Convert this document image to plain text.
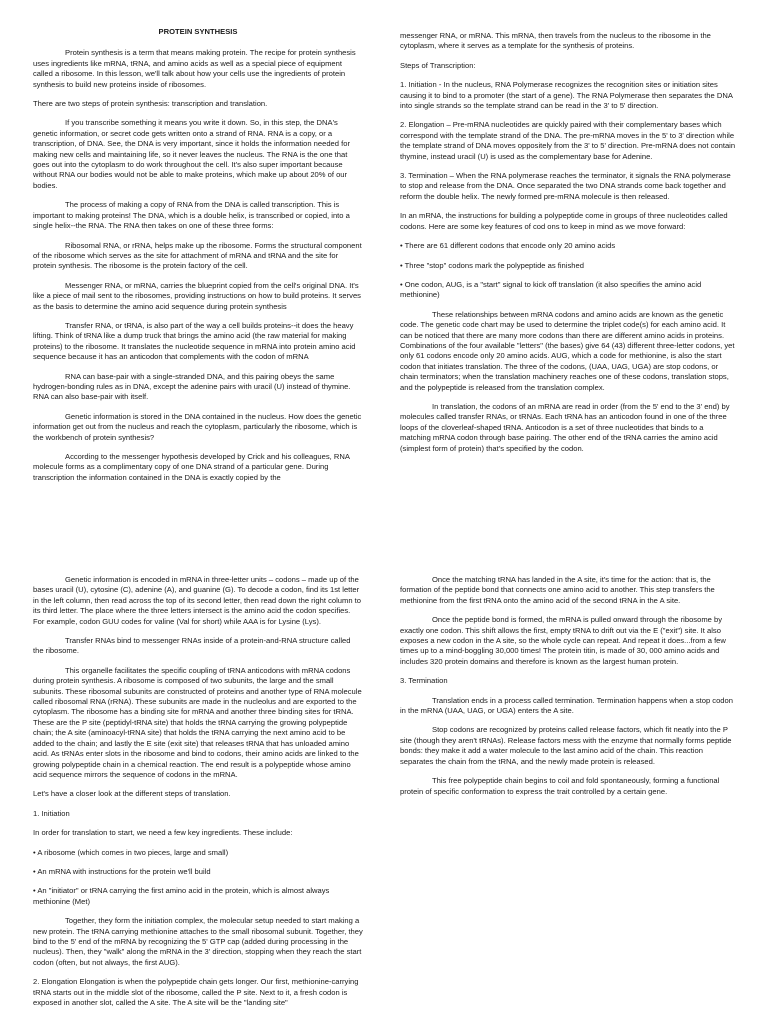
PROTEIN SYNTHESIS

Protein synthesis is a term that means making protein. The recipe for protein synthesis uses ingredients like mRNA, tRNA, and amino acids as well as a special piece of equipment called a ribosome. In this lesson, we'll talk about how your cells use the ingredients of protein synthesis to build new proteins inside of ribosomes.

There are two steps of protein synthesis: transcription and translation.

If you transcribe something it means you write it down. So, in this step, the DNA's genetic information, or secret code gets written onto a strand of RNA. RNA is a copy, or a transcription, of DNA. See, the DNA is very important, since it holds the information needed for making new cells and maintaining life, so it never leaves the nucleus. The RNA is the one that goes out into the cytoplasm to do work throughout the cell. It's also super important because without RNA our bodies would not be able to make proteins, which make up about 20% of our bodies.

The process of making a copy of RNA from the DNA is called transcription. This is important to making proteins! The DNA, which is a double helix, is transcribed or copied, into a single helix--the RNA. The RNA then takes on one of these three forms:

Ribosomal RNA, or rRNA, helps make up the ribosome. Forms the structural component of the ribosome which serves as the site for attachment of mRNA and tRNA and the site for protein synthesis. The ribosome is the protein factory of the cell.

Messenger RNA, or mRNA, carries the blueprint copied from the cell's original DNA. It's like a piece of mail sent to the ribosomes, providing instructions on how to build proteins. It serves as the basis to determine the amino acid sequence during protein synthesis

Transfer RNA, or tRNA, is also part of the way a cell builds proteins--it does the heavy lifting. Think of tRNA like a dump truck that brings the amino acid (the raw material for making proteins) to the ribosome. It translates the nucleotide sequence in mRNA into protein amino acid sequence because it has an anticodon that complements with the codon of mRNA

RNA can base-pair with a single-stranded DNA, and this pairing obeys the same hydrogen-bonding rules as in DNA, except the adenine pairs with uracil (U) instead of thymine. RNA can also base-pair with itself.

Genetic information is stored in the DNA contained in the nucleus. How does the genetic information get out from the nucleus and reach the cytoplasm, particularly the ribosome, which is the workbench of protein synthesis?

According to the messenger hypothesis developed by Crick and his colleagues, RNA molecule forms as a complimentary copy of one DNA strand of a particular gene. During transcription the information contained in the DNA is exactly copied by the

messenger RNA, or mRNA. This mRNA, then travels from the nucleus to the ribosome in the cytoplasm, where it serves as a template for the synthesis of proteins.

Steps of Transcription:

1. Initiation - In the nucleus, RNA Polymerase recognizes the recognition sites or initiation sites causing it to bind to a promoter (the start of a gene). The RNA Polymerase then separates the DNA into single strands so the template strand can be read in the 3' to 5' direction.

2. Elongation – Pre-mRNA nucleotides are quickly paired with their complementary bases which correspond with the template strand of the DNA. The pre-mRNA moves in the 5' to 3' direction while the template strand of DNA moves oppositely from the 3' to 5' direction. Pre-mRNA does not contain thymine, instead uracil (U) is used as the complementary base for Adenine.

3. Termination – When the RNA polymerase reaches the terminator, it signals the RNA polymerase to stop and release from the DNA. Once separated the two DNA strands come back together and reform the double helix. The newly formed pre-mRNA molecule is then released.

In an mRNA, the instructions for building a polypeptide come in groups of three nucleotides called codons. Here are some key features of cod ons to keep in mind as we move forward:

• There are 61 different codons that encode only 20 amino acids

• Three "stop" codons mark the polypeptide as finished

• One codon, AUG, is a "start" signal to kick off translation (it also specifies the amino acid methionine)

These relationships between mRNA codons and amino acids are known as the genetic code. The genetic code chart may be used to determine the triplet code(s) for each amino acid. It can be noticed that there are many more codons than there are different amino acids in proteins. Combinations of the four available "letters" (the bases) give 64 (43) different three-letter codons, yet only 61 codons encode only 20 amino acids. AUG, which a code for methionine, is also the start codon that initiates translation. The three of the codons, (UAA, UAG, UGA) are stop codons, or chain terminators; when the translation machinery reaches one of these codons, translation stops, and the polypeptide is released from the translation complex.

In translation, the codons of an mRNA are read in order (from the 5' end to the 3' end) by molecules called transfer RNAs, or tRNAs. Each tRNA has an anticodon found in one of the three loops of the cloverleaf-shaped tRNA. Anticodon is a set of three nucleotides that binds to a matching mRNA codon through base pairing. The other end of the tRNA carries the amino acid (simplest form of protein) that's specified by the codon.

Genetic information is encoded in mRNA in three-letter units – codons – made up of the bases uracil (U), cytosine (C), adenine (A), and guanine (G). To decode a codon, find its 1st letter in the left column, then read across the top of its second letter, then read down the right column to its third letter. The place where the three letters intersect is the amino acid the codon specifies. For example, codon GUU codes for valine (Val for short) while AAA is for Lysine (Lys).

Transfer RNAs bind to messenger RNAs inside of a protein-and-RNA structure called the ribosome.

This organelle facilitates the specific coupling of tRNA anticodons with mRNA codons during protein synthesis. A ribosome is composed of two subunits, the large and the small subunits. These ribosomal subunits are constructed of proteins and another type of RNA molecule called ribosomal RNA (rRNA). These subunits are made in the nucleolus and are exported to the cytoplasm. The ribosome has a binding site for mRNA and another three binding sites for tRNA. These are the P site (peptidyl-tRNA site) that holds the tRNA carrying the growing polypeptide chain; the A site (aminoacyl-tRNA site) that holds the tRNA carrying the next amino acid to be added to the chain; and lastly the E site (exit site) that releases tRNA that has unloaded amino acid. As tRNAs enter slots in the ribosome and bind to codons, their amino acids are linked to the growing polypeptide chain in a chemical reaction. The end result is a polypeptide whose amino acid sequence mirrors the sequence of codons in the mRNA.

Let's have a closer look at the different steps of translation.

1. Initiation

In order for translation to start, we need a few key ingredients. These include:

• A ribosome (which comes in two pieces, large and small)

• An mRNA with instructions for the protein we'll build

• An "initiator" or tRNA carrying the first amino acid in the protein, which is almost always methionine (Met)

Together, they form the initiation complex, the molecular setup needed to start making a new protein. The tRNA carrying methionine attaches to the small ribosomal subunit. Together, they bind to the 5' end of the mRNA by recognizing the 5' GTP cap (added during processing in the nucleus). Then, they "walk" along the mRNA in the 3' direction, stopping when they reach the start codon (often, but not always, the first AUG).

2. Elongation Elongation is when the polypeptide chain gets longer. Our first, methionine-carrying tRNA starts out in the middle slot of the ribosome, called the P site. Next to it, a fresh codon is exposed in another slot, called the A site. The A site will be the "landing site"

Once the matching tRNA has landed in the A site, it's time for the action: that is, the formation of the peptide bond that connects one amino acid to another. This step transfers the methionine from the first tRNA onto the amino acid of the second tRNA in the A site.

Once the peptide bond is formed, the mRNA is pulled onward through the ribosome by exactly one codon. This shift allows the first, empty tRNA to drift out via the E ("exit") site. It also exposes a new codon in the A site, so the whole cycle can repeat. And repeat it does...from a few times up to a mind-boggling 30,000 times! The protein titin, is made of 30, 000 amino acids and includes 320 protein domains and therefore is known as the largest human protein.

3. Termination

Translation ends in a process called termination. Termination happens when a stop codon in the mRNA (UAA, UAG, or UGA) enters the A site.

Stop codons are recognized by proteins called release factors, which fit neatly into the P site (though they aren't tRNAs). Release factors mess with the enzyme that normally forms peptide bonds: they make it add a water molecule to the last amino acid of the chain. This reaction separates the chain from the tRNA, and the newly made protein is released.

This free polypeptide chain begins to coil and fold spontaneously, forming a functional protein of specific conformation to express the trait controlled by a certain gene.
